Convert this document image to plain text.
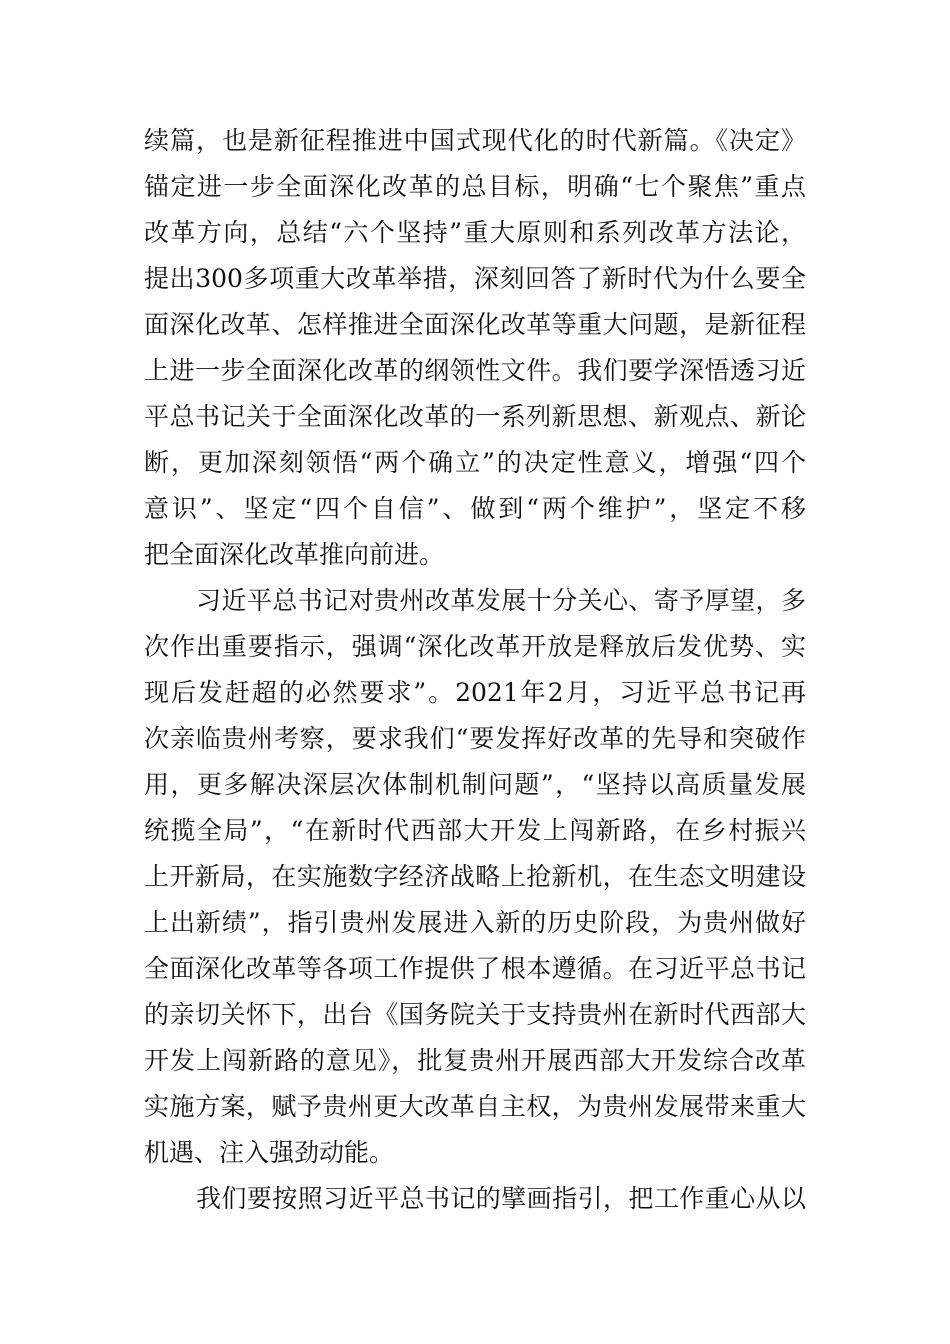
续篇，也是新征程推进中国式现代化的时代新篇。《决定》
锚定进一步全面深化改革的总目标，明确“七个聚焦”重点
改革方向，总结“六个坚持”重大原则和系列改革方法论，
提出300多项重大改革举措，深刻回答了新时代为什么要全
面深化改革、怎样推进全面深化改革等重大问题，是新征程
上进一步全面深化改革的纲领性文件。我们要学深悟透习近
平总书记关于全面深化改革的一系列新思想、新观点、新论
断，更加深刻领悟“两个确立”的决定性意义，增强“四个
意识”、坚定“四个自信”、做到“两个维护”，坚定不移
把全面深化改革推向前进。
习近平总书记对贵州改革发展十分关心、寄予厚望，多
次作出重要指示，强调“深化改革开放是释放后发优势、实
现后发赶超的必然要求”。2021年2月，习近平总书记再
次亲临贵州考察，要求我们“要发挥好改革的先导和突破作
用，更多解决深层次体制机制问题”，“坚持以高质量发展
统揽全局”，“在新时代西部大开发上闯新路，在乡村振兴
上开新局，在实施数字经济战略上抢新机，在生态文明建设
上出新绩”，指引贵州发展进入新的历史阶段，为贵州做好
全面深化改革等各项工作提供了根本遵循。在习近平总书记
的亲切关怀下，出台《国务院关于支持贵州在新时代西部大
开发上闯新路的意见》，批复贵州开展西部大开发综合改革
实施方案，赋予贵州更大改革自主权，为贵州发展带来重大
机遇、注入强劲动能。
我们要按照习近平总书记的擘画指引，把工作重心从以
